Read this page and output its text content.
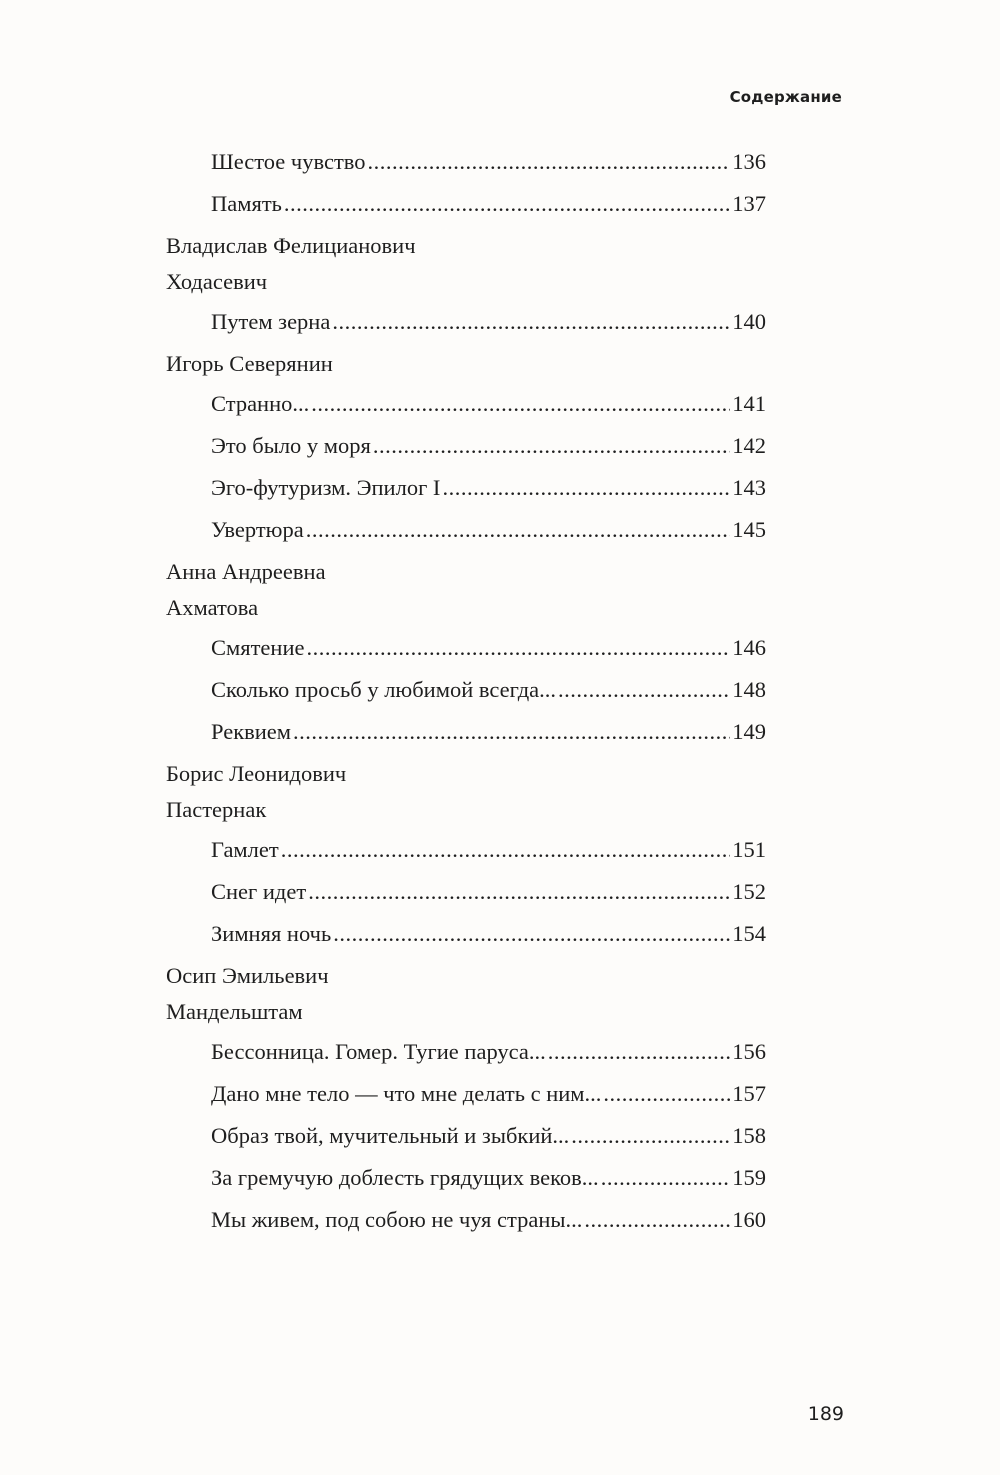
Содержание
Шестое чувство .....	136
Память .....	137
Владислав Фелицианович
Ходасевич
Путем зерна .....	140
Игорь Северянин
Странно... .....	141
Это было у моря .....	142
Эго-футуризм. Эпилог I .....	143
Увертюра .....	145
Анна Андреевна
Ахматова
Смятение .....	146
Сколько просьб у любимой всегда... .....	148
Реквием .....	149
Борис Леонидович
Пастернак
Гамлет .....	151
Снег идет .....	152
Зимняя ночь .....	154
Осип Эмильевич
Мандельштам
Бессонница. Гомер. Тугие паруса... .....	156
Дано мне тело — что мне делать с ним... .....	157
Образ твой, мучительный и зыбкий... .....	158
За гремучую доблесть грядущих веков... .....	159
Мы живем, под собою не чуя страны... .....	160
189
